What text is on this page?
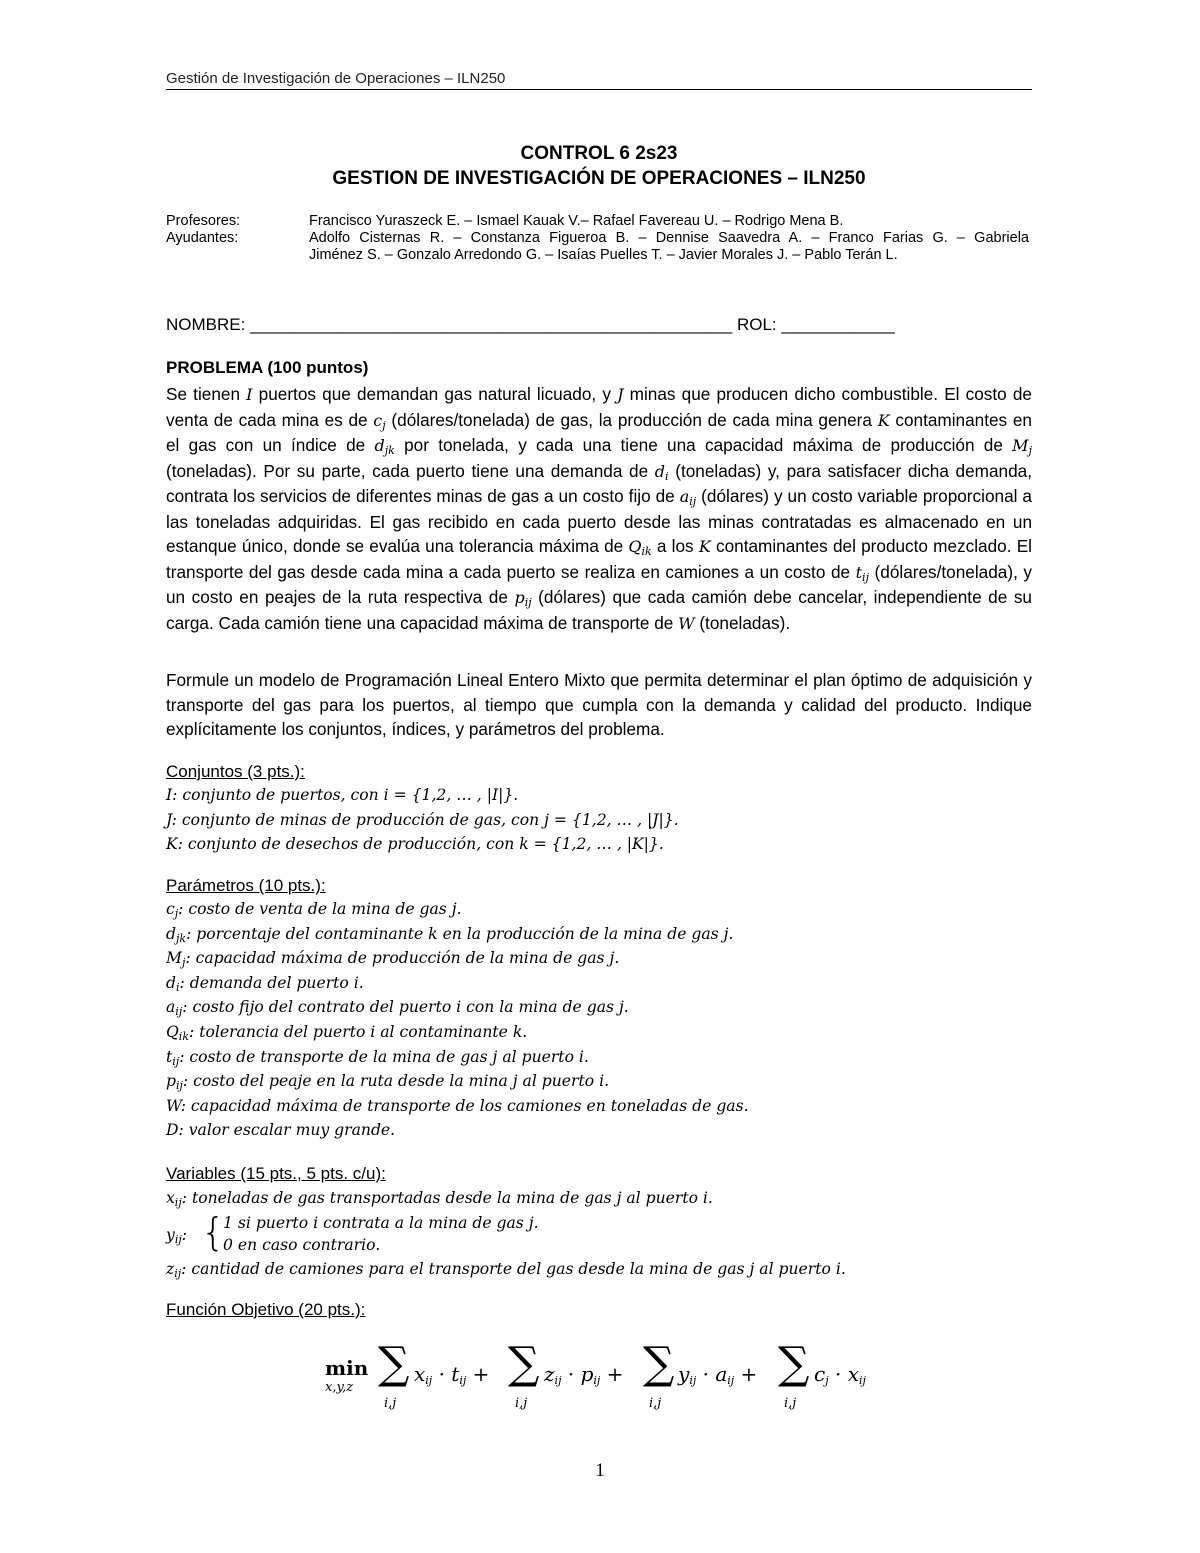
Gestión de Investigación de Operaciones – ILN250
CONTROL 6 2s23
GESTION DE INVESTIGACIÓN DE OPERACIONES – ILN250
Profesores:	Francisco Yuraszeck E. – Ismael Kauak V.– Rafael Favereau U. – Rodrigo Mena B.
Ayudantes:	Adolfo Cisternas R. – Constanza Figueroa B. – Dennise Saavedra A. – Franco Farias G. – Gabriela
Jiménez S. – Gonzalo Arredondo G. – Isaías Puelles T. – Javier Morales J. – Pablo Terán L.
NOMBRE: ___________________________________________________ ROL: ____________
PROBLEMA (100 puntos)
Se tienen I puertos que demandan gas natural licuado, y J minas que producen dicho combustible. El costo de venta de cada mina es de $c_j$ (dólares/tonelada) de gas, la producción de cada mina genera K contaminantes en el gas con un índice de $d_{jk}$ por tonelada, y cada una tiene una capacidad máxima de producción de $M_j$ (toneladas). Por su parte, cada puerto tiene una demanda de $d_i$ (toneladas) y, para satisfacer dicha demanda, contrata los servicios de diferentes minas de gas a un costo fijo de $a_{ij}$ (dólares) y un costo variable proporcional a las toneladas adquiridas. El gas recibido en cada puerto desde las minas contratadas es almacenado en un estanque único, donde se evalúa una tolerancia máxima de $Q_{ik}$ a los K contaminantes del producto mezclado. El transporte del gas desde cada mina a cada puerto se realiza en camiones a un costo de $t_{ij}$ (dólares/tonelada), y un costo en peajes de la ruta respectiva de $p_{ij}$ (dólares) que cada camión debe cancelar, independiente de su carga. Cada camión tiene una capacidad máxima de transporte de W (toneladas).
Formule un modelo de Programación Lineal Entero Mixto que permita determinar el plan óptimo de adquisición y transporte del gas para los puertos, al tiempo que cumpla con la demanda y calidad del producto. Indique explícitamente los conjuntos, índices, y parámetros del problema.
Conjuntos (3 pts.):
I: conjunto de puertos, con i = {1,2, … , |I|}.
J: conjunto de minas de producción de gas, con j = {1,2, … , |J|}.
K: conjunto de desechos de producción, con k = {1,2, … , |K|}.
Parámetros (10 pts.):
$c_j$: costo de venta de la mina de gas j.
$d_{jk}$: porcentaje del contaminante k en la producción de la mina de gas j.
$M_j$: capacidad máxima de producción de la mina de gas j.
$d_i$: demanda del puerto i.
$a_{ij}$: costo fijo del contrato del puerto i con la mina de gas j.
$Q_{ik}$: tolerancia del puerto i al contaminante k.
$t_{ij}$: costo de transporte de la mina de gas j al puerto i.
$p_{ij}$: costo del peaje en la ruta desde la mina j al puerto i.
W: capacidad máxima de transporte de los camiones en toneladas de gas.
D: valor escalar muy grande.
Variables (15 pts., 5 pts. c/u):
$x_{ij}$: toneladas de gas transportadas desde la mina de gas j al puerto i.
$y_{ij}$: {
1 si puerto i contrata a la mina de gas j.
0 en caso contrario.
$z_{ij}$: cantidad de camiones para el transporte del gas desde la mina de gas j al puerto i.
Función Objetivo (20 pts.):
min
x,y,z ∑
i,j
$x_{ij} \cdot t_{ij}$ + ∑
i,j
$z_{ij} \cdot p_{ij}$ + ∑
i,j
$y_{ij} \cdot a_{ij}$ + ∑
i,j
$c_j \cdot x_{ij}$
1
